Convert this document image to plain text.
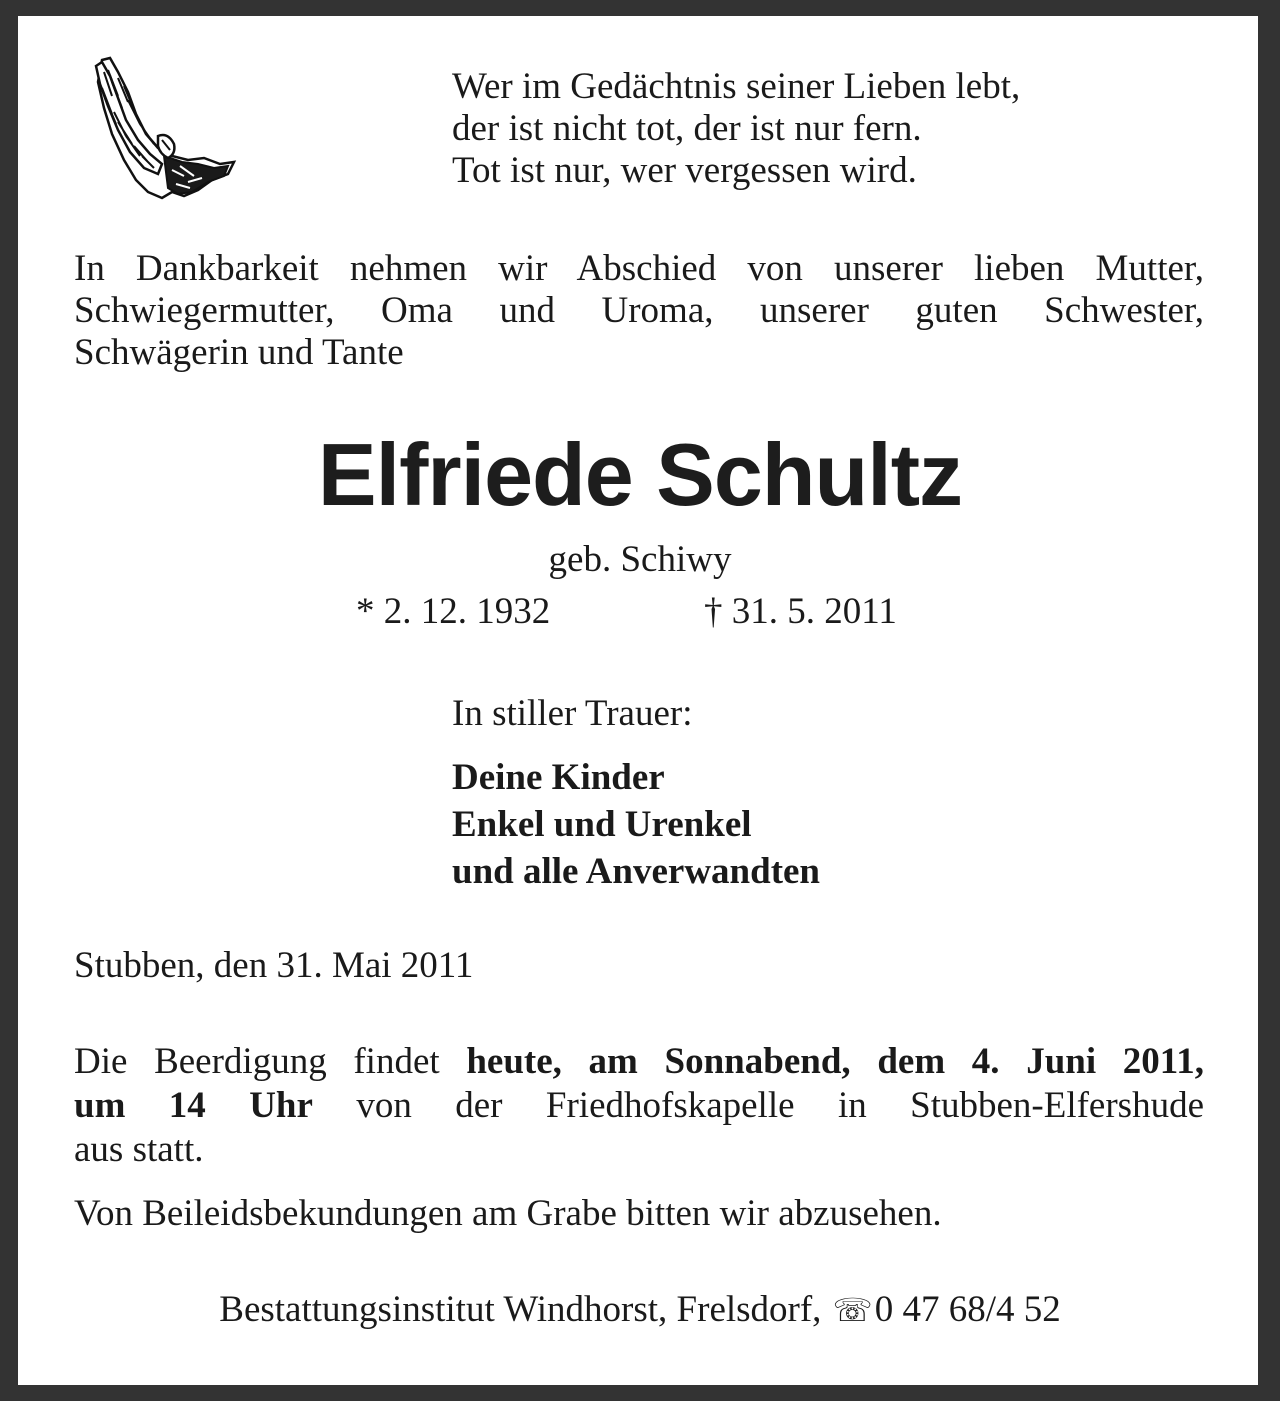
Wer im Gedächtnis seiner Lieben lebt,
der ist nicht tot, der ist nur fern.
Tot ist nur, wer vergessen wird.
In Dankbarkeit nehmen wir Abschied von unserer lieben Mutter,
Schwiegermutter, Oma und Uroma, unserer guten Schwester,
Schwägerin und Tante
Elfriede Schultz
geb. Schiwy
* 2. 12. 1932	† 31. 5. 2011
In stiller Trauer:
Deine Kinder
Enkel und Urenkel
und alle Anverwandten
Stubben, den 31. Mai 2011
Die Beerdigung findet heute, am Sonnabend, dem 4. Juni 2011,
um 14 Uhr von der Friedhofskapelle in Stubben-Elfershude
aus statt.
Von Beileidsbekundungen am Grabe bitten wir abzusehen.
Bestattungsinstitut Windhorst, Frelsdorf, ☏0 47 68/4 52
